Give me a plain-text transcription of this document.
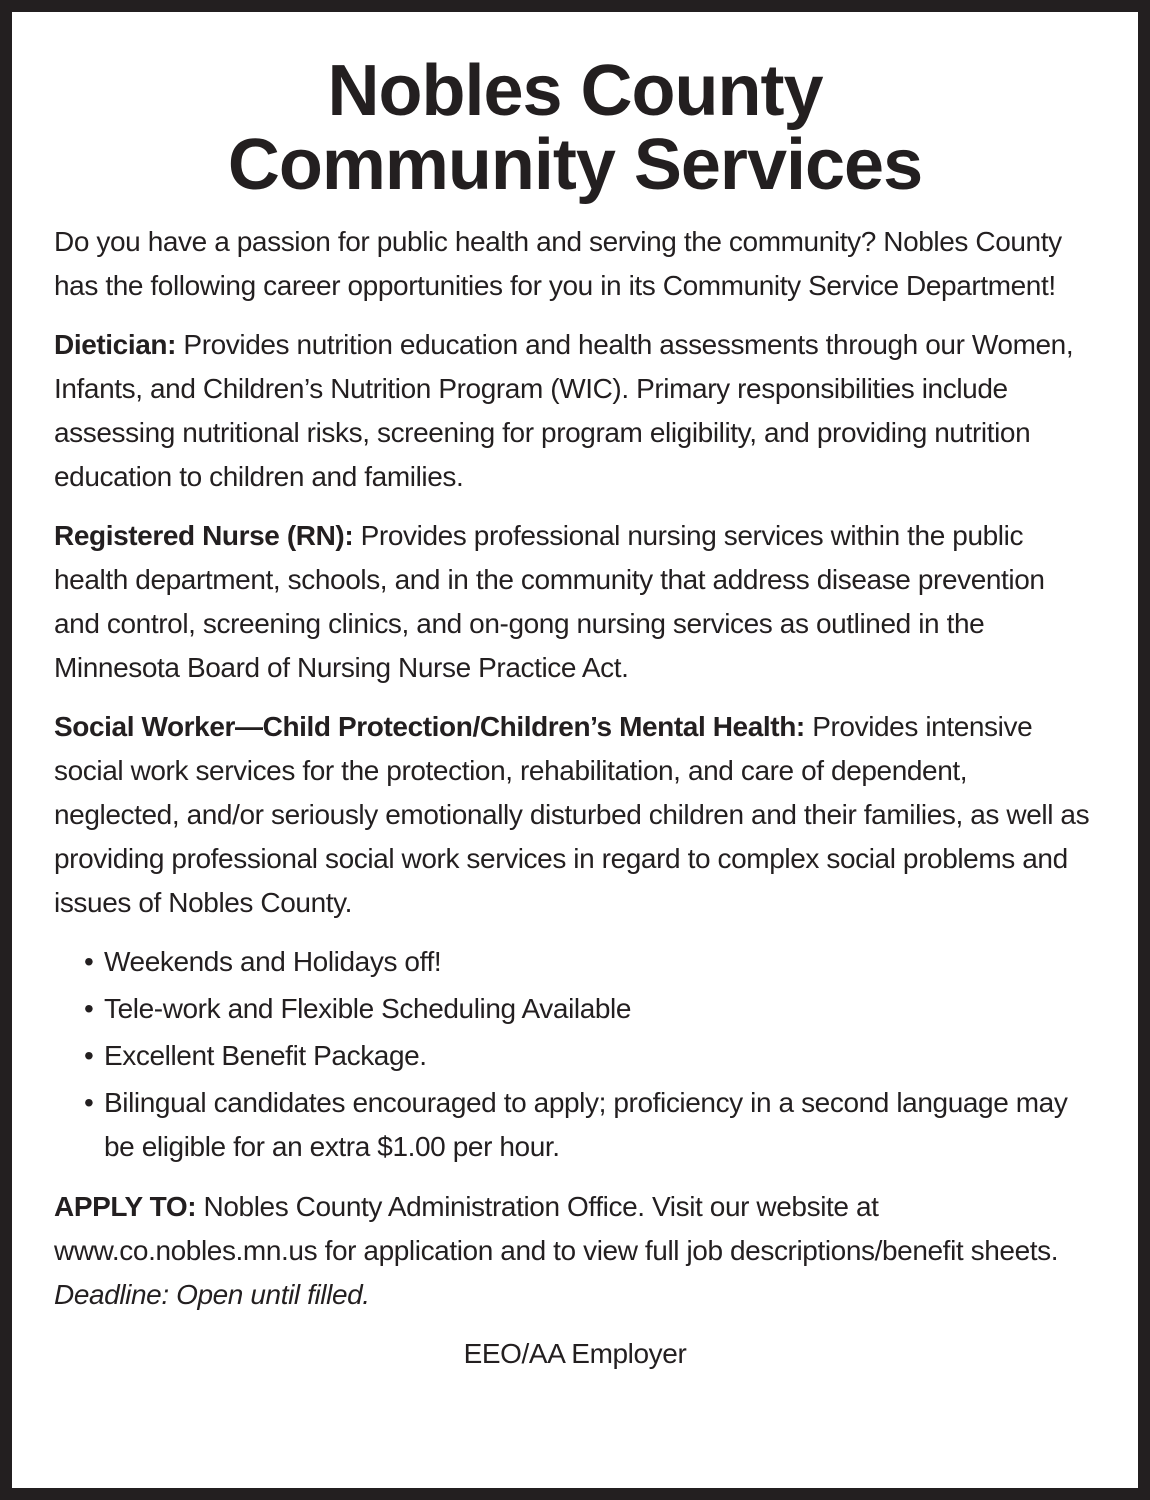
Nobles County
Community Services

Do you have a passion for public health and serving the community? Nobles County has the following career opportunities for you in its Community Service Department!

Dietician: Provides nutrition education and health assessments through our Women, Infants, and Children’s Nutrition Program (WIC). Primary responsibilities include assessing nutritional risks, screening for program eligibility, and providing nutrition education to children and families.

Registered Nurse (RN): Provides professional nursing services within the public health department, schools, and in the community that address disease prevention and control, screening clinics, and on-gong nursing services as outlined in the Minnesota Board of Nursing Nurse Practice Act.

Social Worker—Child Protection/Children’s Mental Health: Provides intensive social work services for the protection, rehabilitation, and care of dependent, neglected, and/or seriously emotionally disturbed children and their families, as well as providing professional social work services in regard to complex social problems and issues of Nobles County.

• Weekends and Holidays off!
• Tele-work and Flexible Scheduling Available
• Excellent Benefit Package.
• Bilingual candidates encouraged to apply; proficiency in a second language may be eligible for an extra $1.00 per hour.

APPLY TO: Nobles County Administration Office. Visit our website at www.co.nobles.mn.us for application and to view full job descriptions/benefit sheets. Deadline: Open until filled.

EEO/AA Employer
